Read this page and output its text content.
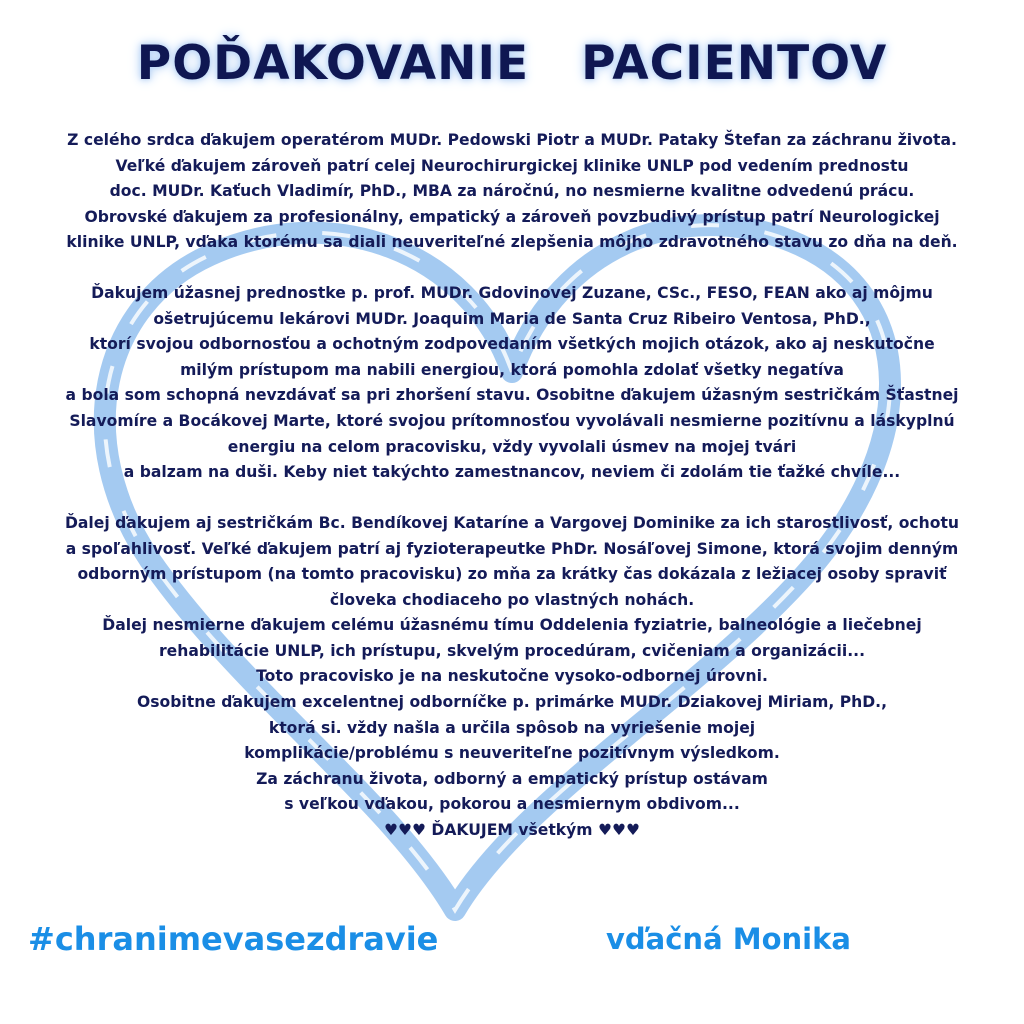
POĎAKOVANIE   PACIENTOV
Z celého srdca ďakujem operatérom MUDr. Pedowski Piotr a MUDr. Pataky Štefan za záchranu života.
Veľké ďakujem zároveň patrí celej Neurochirurgickej klinike UNLP pod vedením prednostu
doc. MUDr. Kaťuch Vladimír, PhD., MBA za náročnú, no nesmierne kvalitne odvedenú prácu.
Obrovské ďakujem za profesionálny, empatický a zároveň povzbudivý prístup patrí Neurologickej
klinike UNLP, vďaka ktorému sa diali neuveriteľné zlepšenia môjho zdravotného stavu zo dňa na deň.
Ďakujem úžasnej prednostke p. prof. MUDr. Gdovinovej Zuzane, CSc., FESO, FEAN ako aj môjmu
ošetrujúcemu lekárovi MUDr. Joaquim Maria de Santa Cruz Ribeiro Ventosa, PhD.,
ktorí svojou odbornosťou a ochotným zodpovedaním všetkých mojich otázok, ako aj neskutočne
milým prístupom ma nabili energiou, ktorá pomohla zdolať všetky negatíva
a bola som schopná nevzdávať sa pri zhoršení stavu. Osobitne ďakujem úžasným sestričkám Šťastnej
Slavomíre a Bocákovej Marte, ktoré svojou prítomnosťou vyvolávali nesmierne pozitívnu a láskyplnú
energiu na celom pracovisku, vždy vyvolali úsmev na mojej tvári
a balzam na duši. Keby niet takýchto zamestnancov, neviem či zdolám tie ťažké chvíle...
Ďalej ďakujem aj sestričkám Bc. Bendíkovej Kataríne a Vargovej Dominike za ich starostlivosť, ochotu
a spoľahlivosť. Veľké ďakujem patrí aj fyzioterapeutke PhDr. Nosáľovej Simone, ktorá svojim denným
odborným prístupom (na tomto pracovisku) zo mňa za krátky čas dokázala z ležiacej osoby spraviť
človeka chodiaceho po vlastných nohách.
Ďalej nesmierne ďakujem celému úžasnému tímu Oddelenia fyziatrie, balneológie a liečebnej
rehabilitácie UNLP, ich prístupu, skvelým procedúram, cvičeniam a organizácii...
Toto pracovisko je na neskutočne vysoko-odbornej úrovni.
Osobitne ďakujem excelentnej odborníčke p. primárke MUDr. Dziakovej Miriam, PhD.,
ktorá si. vždy našla a určila spôsob na vyriešenie mojej
komplikácie/problému s neuveriteľne pozitívnym výsledkom.
Za záchranu života, odborný a empatický prístup ostávam
s veľkou vďakou, pokorou a nesmiernym obdivom...
♥♥♥ ĎAKUJEM všetkým ♥♥♥
#chranimevasezdravie	vďačná Monika
